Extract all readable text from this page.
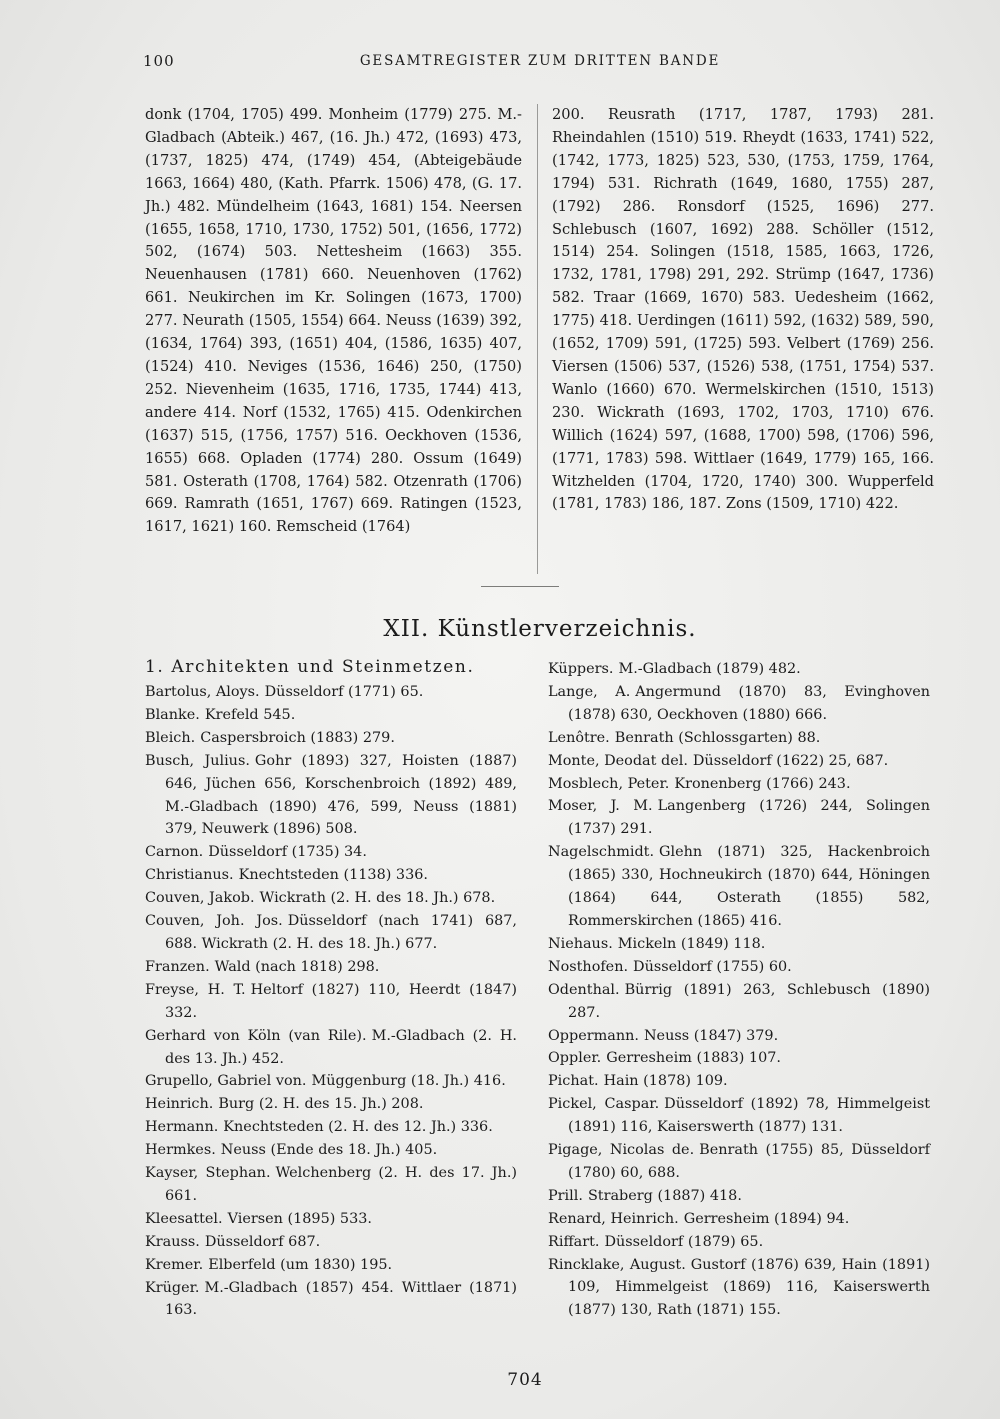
100	GESAMTREGISTER ZUM DRITTEN BANDE
donk (1704, 1705) 499. Monheim (1779) 275. M.-Gladbach (Abteik.) 467, (16. Jh.) 472, (1693) 473, (1737, 1825) 474, (1749) 454, (Abteigebäude 1663, 1664) 480, (Kath. Pfarrk. 1506) 478, (G. 17. Jh.) 482. Mündelheim (1643, 1681) 154. Neersen (1655, 1658, 1710, 1730, 1752) 501, (1656, 1772) 502, (1674) 503. Nettesheim (1663) 355. Neuenhausen (1781) 660. Neuenhoven (1762) 661. Neukirchen im Kr. Solingen (1673, 1700) 277. Neurath (1505, 1554) 664. Neuss (1639) 392, (1634, 1764) 393, (1651) 404, (1586, 1635) 407, (1524) 410. Neviges (1536, 1646) 250, (1750) 252. Nievenheim (1635, 1716, 1735, 1744) 413, andere 414. Norf (1532, 1765) 415. Odenkirchen (1637) 515, (1756, 1757) 516. Oeckhoven (1536, 1655) 668. Opladen (1774) 280. Ossum (1649) 581. Osterath (1708, 1764) 582. Otzenrath (1706) 669. Ramrath (1651, 1767) 669. Ratingen (1523, 1617, 1621) 160. Remscheid (1764)
200. Reusrath (1717, 1787, 1793) 281. Rheindahlen (1510) 519. Rheydt (1633, 1741) 522, (1742, 1773, 1825) 523, 530, (1753, 1759, 1764, 1794) 531. Richrath (1649, 1680, 1755) 287, (1792) 286. Ronsdorf (1525, 1696) 277. Schlebusch (1607, 1692) 288. Schöller (1512, 1514) 254. Solingen (1518, 1585, 1663, 1726, 1732, 1781, 1798) 291, 292. Strümp (1647, 1736) 582. Traar (1669, 1670) 583. Uedesheim (1662, 1775) 418. Uerdingen (1611) 592, (1632) 589, 590, (1652, 1709) 591, (1725) 593. Velbert (1769) 256. Viersen (1506) 537, (1526) 538, (1751, 1754) 537. Wanlo (1660) 670. Wermelskirchen (1510, 1513) 230. Wickrath (1693, 1702, 1703, 1710) 676. Willich (1624) 597, (1688, 1700) 598, (1706) 596, (1771, 1783) 598. Wittlaer (1649, 1779) 165, 166. Witzhelden (1704, 1720, 1740) 300. Wupperfeld (1781, 1783) 186, 187. Zons (1509, 1710) 422.
XII. Künstlerverzeichnis.
1. Architekten und Steinmetzen.

Bartolus, Aloys. Düsseldorf (1771) 65.

Blanke. Krefeld 545.

Bleich. Caspersbroich (1883) 279.

Busch, Julius. Gohr (1893) 327, Hoisten (1887) 646, Jüchen 656, Korschenbroich (1892) 489, M.-Gladbach (1890) 476, 599, Neuss (1881) 379, Neuwerk (1896) 508.

Carnon. Düsseldorf (1735) 34.

Christianus. Knechtsteden (1138) 336.

Couven, Jakob. Wickrath (2. H. des 18. Jh.) 678.

Couven, Joh. Jos. Düsseldorf (nach 1741) 687, 688. Wickrath (2. H. des 18. Jh.) 677.

Franzen. Wald (nach 1818) 298.

Freyse, H. T. Heltorf (1827) 110, Heerdt (1847) 332.

Gerhard von Köln (van Rile). M.-Gladbach (2. H. des 13. Jh.) 452.

Grupello, Gabriel von. Müggenburg (18. Jh.) 416.

Heinrich. Burg (2. H. des 15. Jh.) 208.

Hermann. Knechtsteden (2. H. des 12. Jh.) 336.

Hermkes. Neuss (Ende des 18. Jh.) 405.

Kayser, Stephan. Welchenberg (2. H. des 17. Jh.) 661.

Kleesattel. Viersen (1895) 533.

Krauss. Düsseldorf 687.

Kremer. Elberfeld (um 1830) 195.

Krüger. M.-Gladbach (1857) 454. Wittlaer (1871) 163.

Küppers. M.-Gladbach (1879) 482.

Lange, A. Angermund (1870) 83, Evinghoven (1878) 630, Oeckhoven (1880) 666.

Lenôtre. Benrath (Schlossgarten) 88.

Monte, Deodat del. Düsseldorf (1622) 25, 687.

Mosblech, Peter. Kronenberg (1766) 243.

Moser, J. M. Langenberg (1726) 244, Solingen (1737) 291.

Nagelschmidt. Glehn (1871) 325, Hackenbroich (1865) 330, Hochneukirch (1870) 644, Höningen (1864) 644, Osterath (1855) 582, Rommerskirchen (1865) 416.

Niehaus. Mickeln (1849) 118.

Nosthofen. Düsseldorf (1755) 60.

Odenthal. Bürrig (1891) 263, Schlebusch (1890) 287.

Oppermann. Neuss (1847) 379.

Oppler. Gerresheim (1883) 107.

Pichat. Hain (1878) 109.

Pickel, Caspar. Düsseldorf (1892) 78, Himmelgeist (1891) 116, Kaiserswerth (1877) 131.

Pigage, Nicolas de. Benrath (1755) 85, Düsseldorf (1780) 60, 688.

Prill. Straberg (1887) 418.

Renard, Heinrich. Gerresheim (1894) 94.

Riffart. Düsseldorf (1879) 65.

Rincklake, August. Gustorf (1876) 639, Hain (1891) 109, Himmelgeist (1869) 116, Kaiserswerth (1877) 130, Rath (1871) 155.

704
